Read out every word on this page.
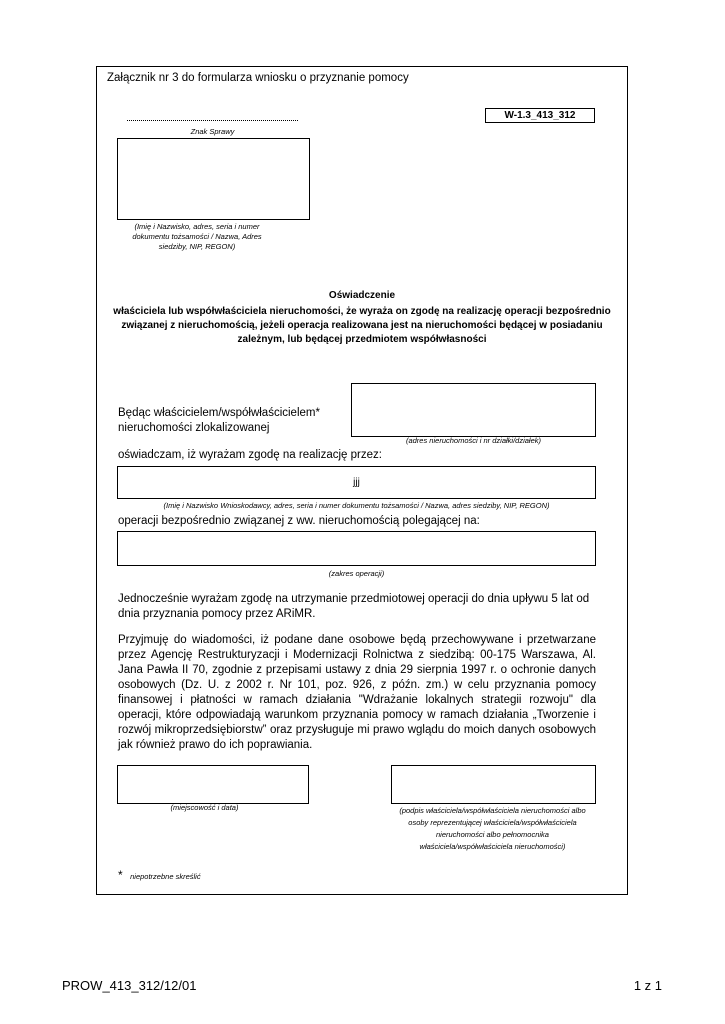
Załącznik nr 3 do formularza wniosku o przyznanie pomocy
W-1.3_413_312
Znak Sprawy
(Imię i Nazwisko, adres, seria i numer dokumentu tożsamości / Nazwa, Adres siedziby, NIP, REGON)
Oświadczenie
właściciela lub współwłaściciela nieruchomości, że wyraża on zgodę na realizację operacji bezpośrednio związanej z nieruchomością, jeżeli operacja realizowana jest na nieruchomości będącej w posiadaniu zależnym, lub będącej przedmiotem współwłasności
Będąc właścicielem/współwłaścicielem* nieruchomości zlokalizowanej
(adres nieruchomości i nr działki/działek)
oświadczam, iż wyrażam zgodę na realizację przez:
jjj
(Imię i Nazwisko Wnioskodawcy, adres, seria i numer dokumentu tożsamości / Nazwa, adres siedziby, NIP, REGON)
operacji bezpośrednio związanej z ww. nieruchomością polegającej na:
(zakres operacji)
Jednocześnie wyrażam zgodę na utrzymanie przedmiotowej operacji do dnia upływu 5 lat od dnia przyznania pomocy przez ARiMR.
Przyjmuję do wiadomości, iż podane dane osobowe będą przechowywane i przetwarzane przez Agencję Restrukturyzacji i Modernizacji Rolnictwa z siedzibą: 00-175 Warszawa, Al. Jana Pawła II 70, zgodnie z przepisami ustawy z dnia 29 sierpnia 1997 r. o ochronie danych osobowych (Dz. U. z 2002 r. Nr 101, poz. 926, z późn. zm.) w celu przyznania pomocy finansowej i płatności w ramach działania "Wdrażanie lokalnych strategii rozwoju" dla operacji, które odpowiadają warunkom przyznania pomocy w ramach działania „Tworzenie i rozwój mikroprzedsiębiorstw” oraz przysługuje mi prawo wglądu do moich danych osobowych jak również prawo do ich poprawiania.
(miejscowość i data)	(podpis właściciela/współwłaściciela nieruchomości albo osoby reprezentującej właściciela/współwłaściciela nieruchomości albo pełnomocnika właściciela/współwłaściciela nieruchomości)
* niepotrzebne skreślić
PROW_413_312/12/01	1 z 1
